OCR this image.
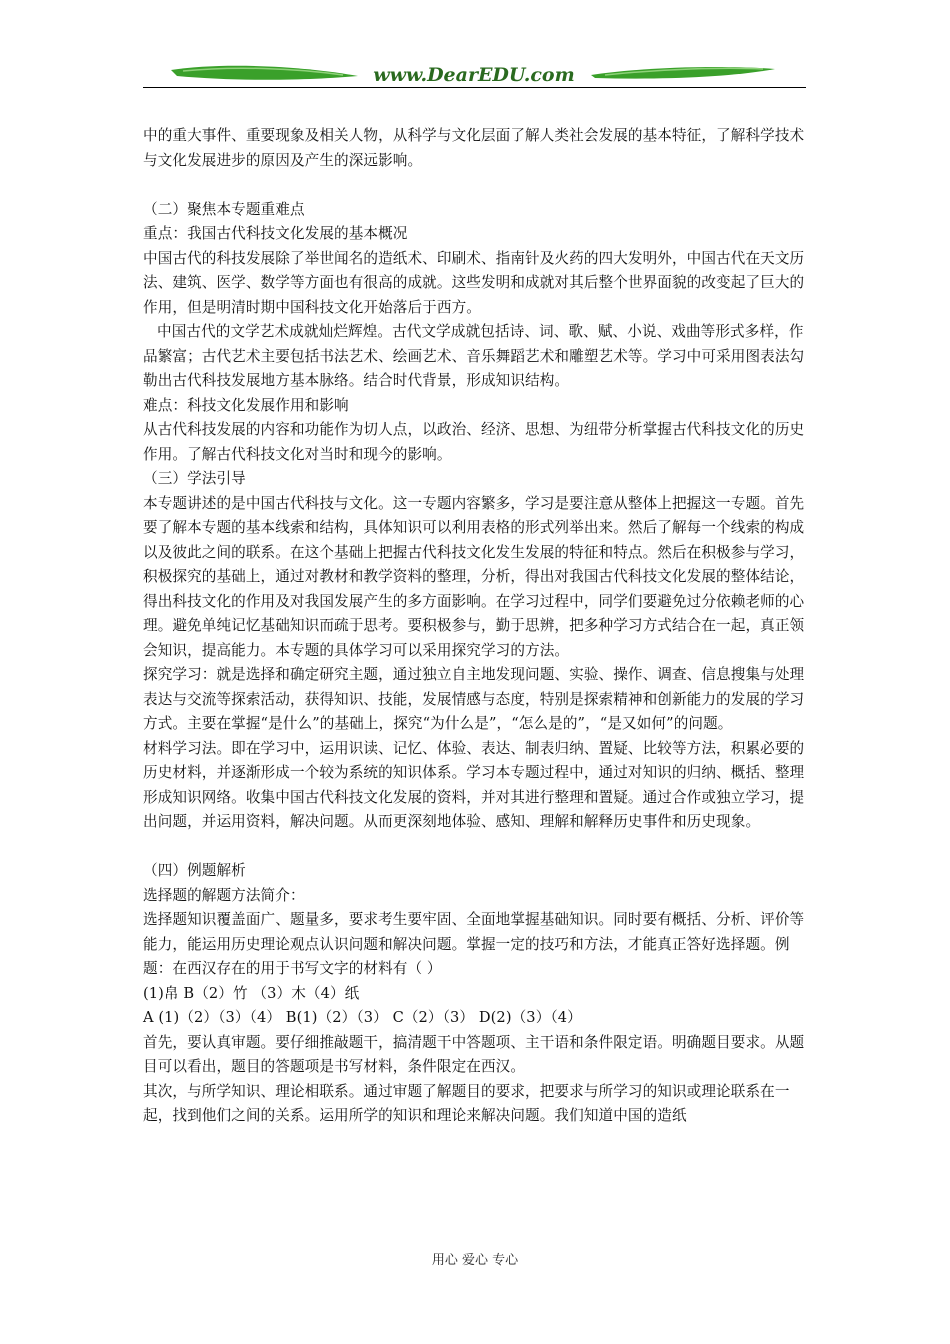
www.DearEDU.com

中的重大事件、重要现象及相关人物，从科学与文化层面了解人类社会发展的基本特征，了解科学技术与文化发展进步的原因及产生的深远影响。

（二）聚焦本专题重难点

重点：我国古代科技文化发展的基本概况

中国古代的科技发展除了举世闻名的造纸术、印刷术、指南针及火药的四大发明外，中国古代在天文历法、建筑、医学、数学等方面也有很高的成就。这些发明和成就对其后整个世界面貌的改变起了巨大的作用，但是明清时期中国科技文化开始落后于西方。

中国古代的文学艺术成就灿烂辉煌。古代文学成就包括诗、词、歌、赋、小说、戏曲等形式多样，作品繁富；古代艺术主要包括书法艺术、绘画艺术、音乐舞蹈艺术和雕塑艺术等。学习中可采用图表法勾勒出古代科技发展地方基本脉络。结合时代背景，形成知识结构。

难点：科技文化发展作用和影响

从古代科技发展的内容和功能作为切人点，以政治、经济、思想、为纽带分析掌握古代科技文化的历史作用。了解古代科技文化对当时和现今的影响。

（三）学法引导

本专题讲述的是中国古代科技与文化。这一专题内容繁多，学习是要注意从整体上把握这一专题。首先要了解本专题的基本线索和结构，具体知识可以利用表格的形式列举出来。然后了解每一个线索的构成以及彼此之间的联系。在这个基础上把握古代科技文化发生发展的特征和特点。然后在积极参与学习，积极探究的基础上，通过对教材和教学资料的整理，分析，得出对我国古代科技文化发展的整体结论，得出科技文化的作用及对我国发展产生的多方面影响。在学习过程中，同学们要避免过分依赖老师的心理。避免单纯记忆基础知识而疏于思考。要积极参与，勤于思辨，把多种学习方式结合在一起，真正领会知识，提高能力。本专题的具体学习可以采用探究学习的方法。

探究学习：就是选择和确定研究主题，通过独立自主地发现问题、实验、操作、调查、信息搜集与处理表达与交流等探索活动，获得知识、技能，发展情感与态度，特别是探索精神和创新能力的发展的学习方式。主要在掌握“是什么”的基础上，探究“为什么是”，“怎么是的”，“是又如何”的问题。

材料学习法。即在学习中，运用识读、记忆、体验、表达、制表归纳、置疑、比较等方法，积累必要的历史材料，并逐渐形成一个较为系统的知识体系。学习本专题过程中，通过对知识的归纳、概括、整理形成知识网络。收集中国古代科技文化发展的资料，并对其进行整理和置疑。通过合作或独立学习，提出问题，并运用资料，解决问题。从而更深刻地体验、感知、理解和解释历史事件和历史现象。

（四）例题解析

选择题的解题方法简介：

选择题知识覆盖面广、题量多，要求考生要牢固、全面地掌握基础知识。同时要有概括、分析、评价等能力，能运用历史理论观点认识问题和解决问题。掌握一定的技巧和方法，才能真正答好选择题。例题：在西汉存在的用于书写文字的材料有（ ）

(1)帛 B（2）竹 （3）木（4）纸

A (1)（2）（3）（4） B(1)（2）（3） C（2）（3） D(2)（3）（4）

首先，要认真审题。要仔细推敲题干，搞清题干中答题项、主干语和条件限定语。明确题目要求。从题目可以看出，题目的答题项是书写材料，条件限定在西汉。

其次，与所学知识、理论相联系。通过审题了解题目的要求，把要求与所学习的知识或理论联系在一起，找到他们之间的关系。运用所学的知识和理论来解决问题。我们知道中国的造纸

用心 爱心 专心
